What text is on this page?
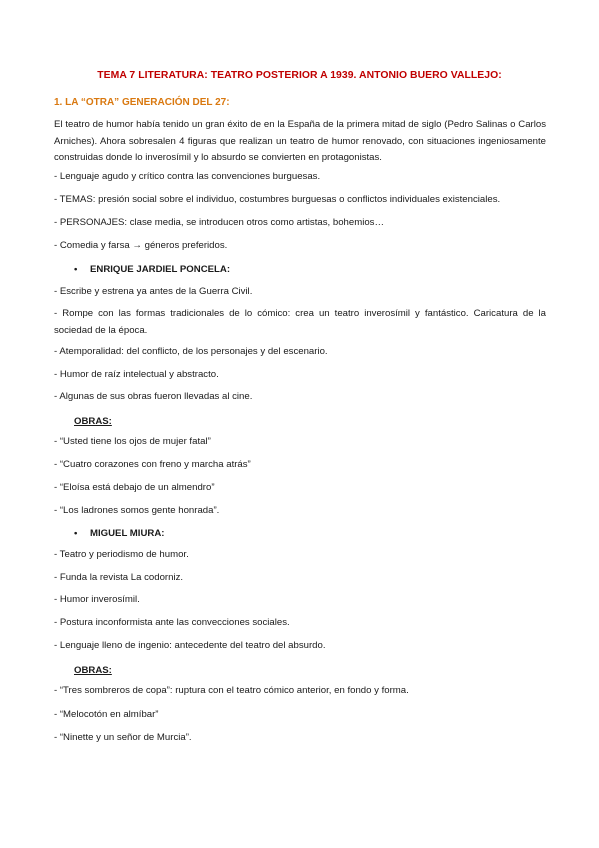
TEMA 7 LITERATURA: TEATRO POSTERIOR A 1939. ANTONIO BUERO VALLEJO:
1. LA “OTRA” GENERACIÓN DEL 27:
El teatro de humor había tenido un gran éxito de en la España de la primera mitad de siglo (Pedro Salinas o Carlos Arniches). Ahora sobresalen 4 figuras que realizan un teatro de humor renovado, con situaciones ingeniosamente construidas donde lo inverosímil y lo absurdo se convierten en protagonistas.
- Lenguaje agudo y crítico contra las convenciones burguesas.
- TEMAS: presión social sobre el individuo, costumbres burguesas o conflictos individuales existenciales.
- PERSONAJES: clase media, se introducen otros como artistas, bohemios…
- Comedia y farsa → géneros preferidos.
• ENRIQUE JARDIEL PONCELA:
- Escribe y estrena ya antes de la Guerra Civil.
- Rompe con las formas tradicionales de lo cómico: crea un teatro inverosímil y fantástico. Caricatura de la sociedad de la época.
- Atemporalidad: del conflicto, de los personajes y del escenario.
- Humor de raíz intelectual y abstracto.
- Algunas de sus obras fueron llevadas al cine.
OBRAS:
- “Usted tiene los ojos de mujer fatal”
- “Cuatro corazones con freno y marcha atrás”
- “Eloísa está debajo de un almendro”
- “Los ladrones somos gente honrada”.
• MIGUEL MIURA:
- Teatro y periodismo de humor.
- Funda la revista La codorniz.
- Humor inverosímil.
- Postura inconformista ante las convecciones sociales.
- Lenguaje lleno de ingenio: antecedente del teatro del absurdo.
OBRAS:
- “Tres sombreros de copa”: ruptura con el teatro cómico anterior, en fondo y forma.
- “Melocotón en almíbar”
- “Ninette y un señor de Murcia”.
